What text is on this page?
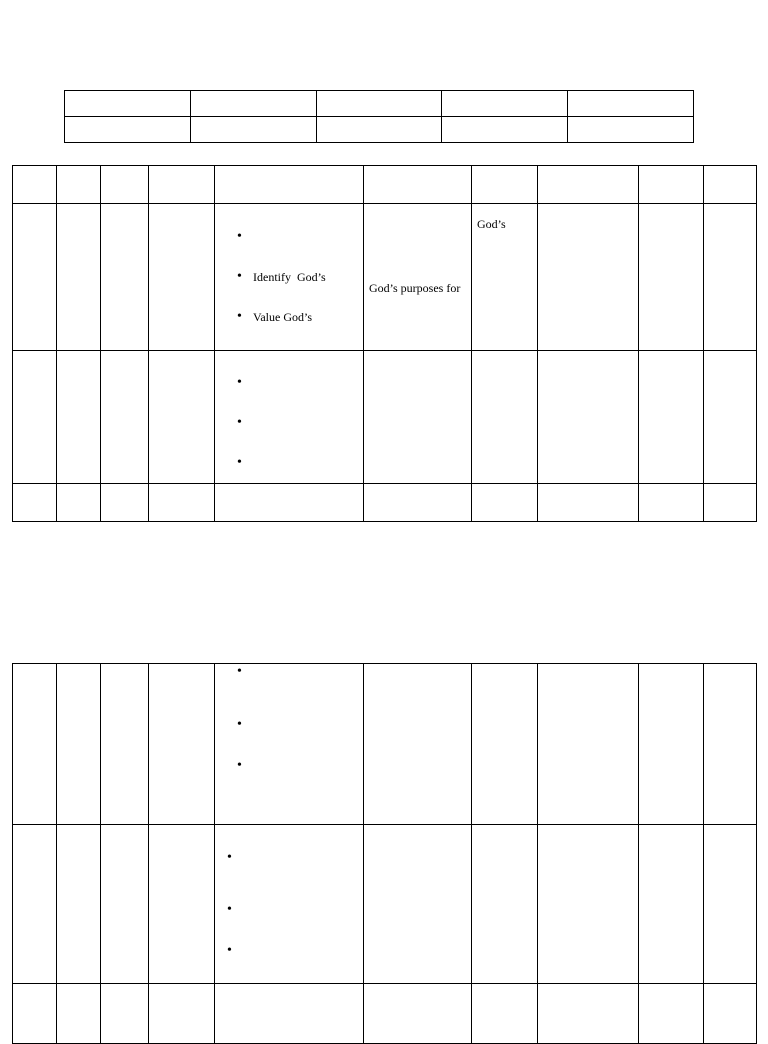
				•
• Identify  God’s
• Value God’s	God’s purposes for	God’s			

				•
•
•					

				•
•
•					

				•
•
•					
